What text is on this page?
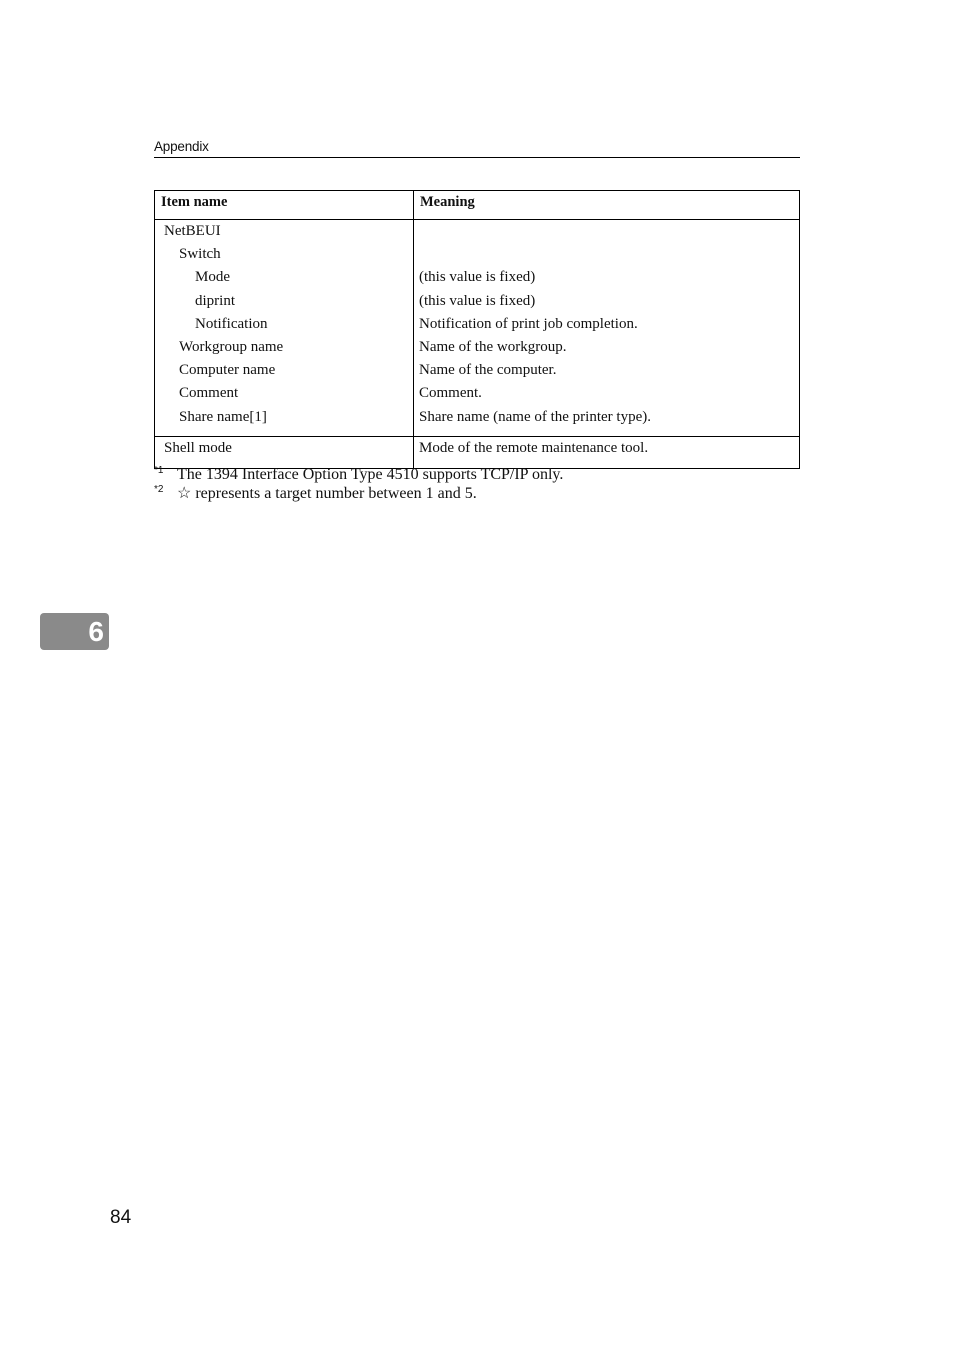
Appendix
Item name	Meaning
NetBEUI
Switch
Mode
diprint
Notification
Workgroup name
Computer name
Comment
Share name[1]
(this value is fixed)
(this value is fixed)
Notification of print job completion.
Name of the workgroup.
Name of the computer.
Comment.
Share name (name of the printer type).
Shell mode	Mode of the remote maintenance tool.
*1 The 1394 Interface Option Type 4510 supports TCP/IP only.
*2 ☆ represents a target number between 1 and 5.
6
84
